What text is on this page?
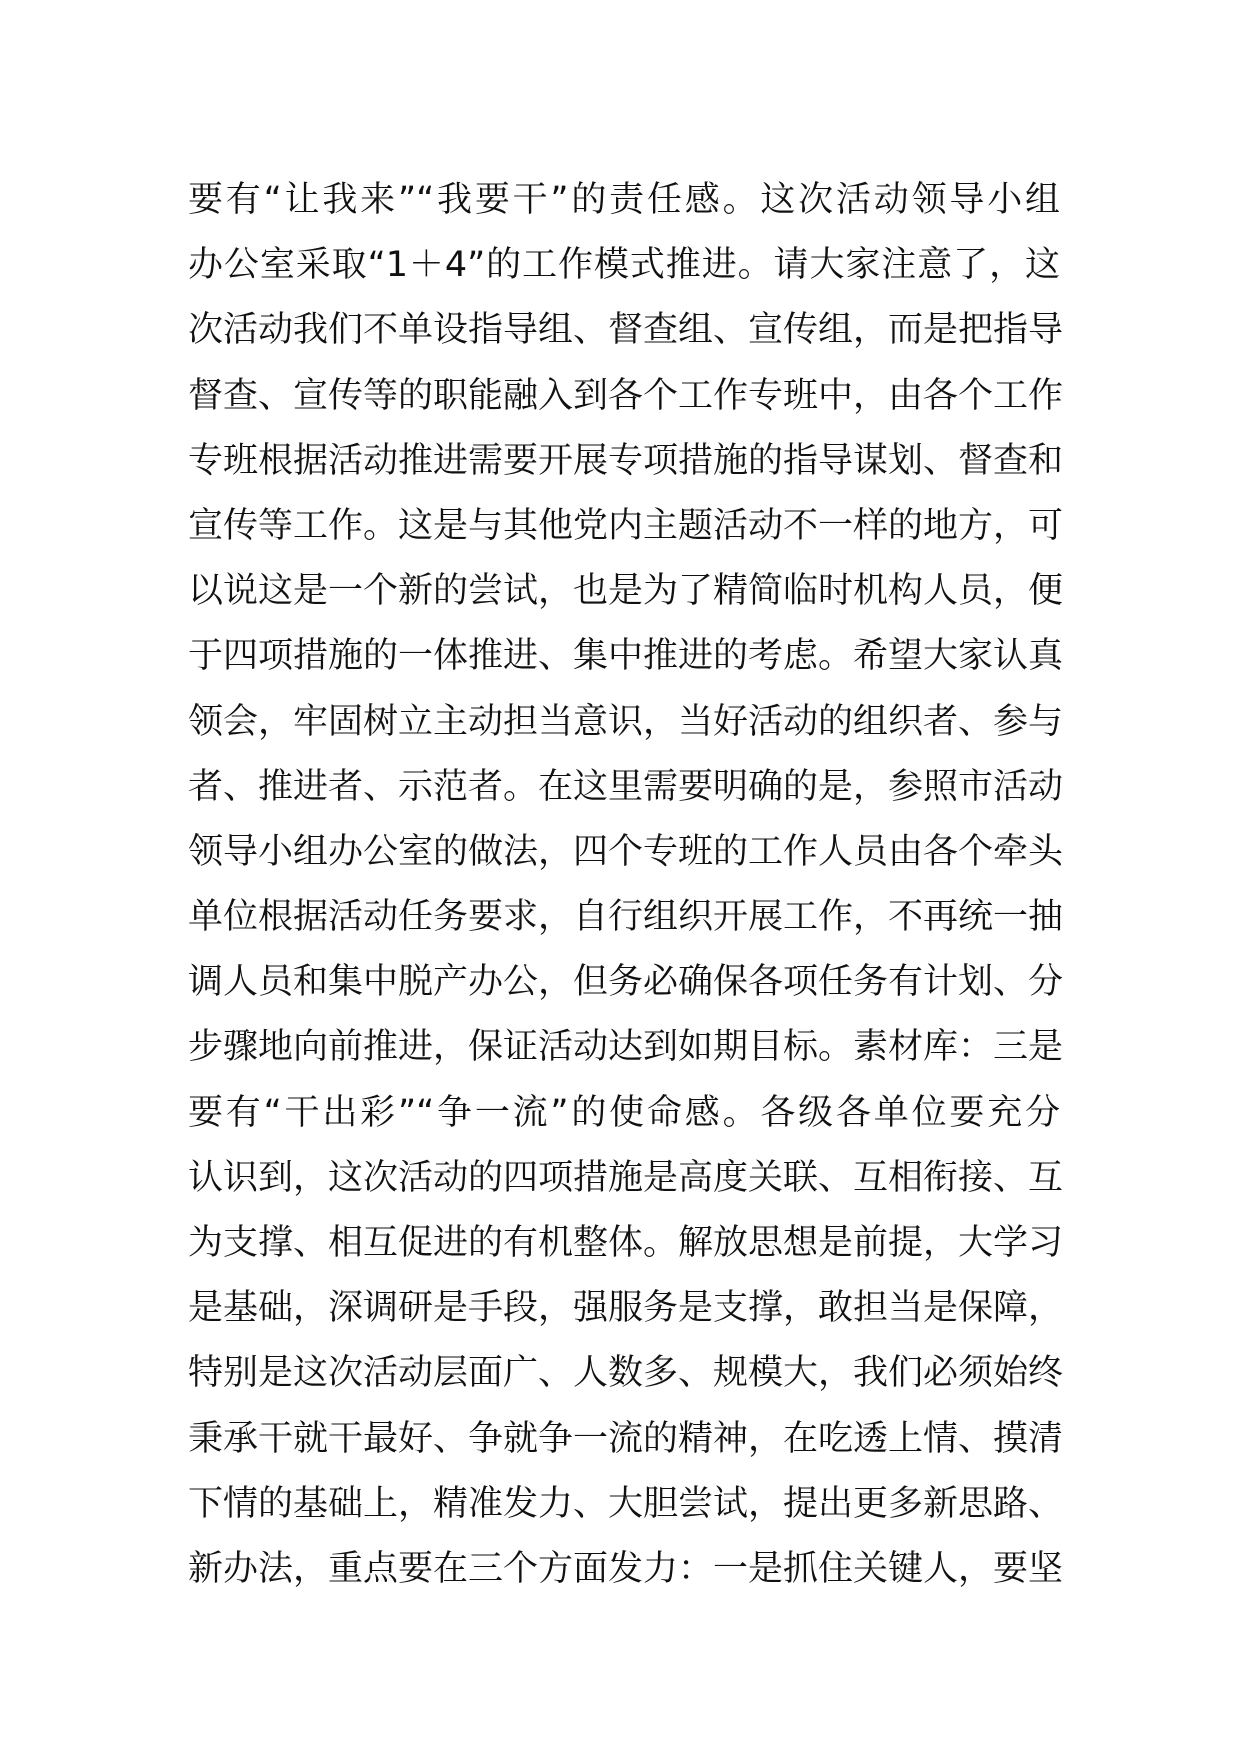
要有“让我来”“我要干”的责任感。这次活动领导小组
办公室采取“1＋4”的工作模式推进。请大家注意了，这
次活动我们不单设指导组、督查组、宣传组，而是把指导
督查、宣传等的职能融入到各个工作专班中，由各个工作
专班根据活动推进需要开展专项措施的指导谋划、督查和
宣传等工作。这是与其他党内主题活动不一样的地方，可
以说这是一个新的尝试，也是为了精简临时机构人员，便
于四项措施的一体推进、集中推进的考虑。希望大家认真
领会，牢固树立主动担当意识，当好活动的组织者、参与
者、推进者、示范者。在这里需要明确的是，参照市活动
领导小组办公室的做法，四个专班的工作人员由各个牵头
单位根据活动任务要求，自行组织开展工作，不再统一抽
调人员和集中脱产办公，但务必确保各项任务有计划、分
步骤地向前推进，保证活动达到如期目标。素材库：三是
要有“干出彩”“争一流”的使命感。各级各单位要充分
认识到，这次活动的四项措施是高度关联、互相衔接、互
为支撑、相互促进的有机整体。解放思想是前提，大学习
是基础，深调研是手段，强服务是支撑，敢担当是保障，
特别是这次活动层面广、人数多、规模大，我们必须始终
秉承干就干最好、争就争一流的精神，在吃透上情、摸清
下情的基础上，精准发力、大胆尝试，提出更多新思路、
新办法，重点要在三个方面发力：一是抓住关键人，要坚
